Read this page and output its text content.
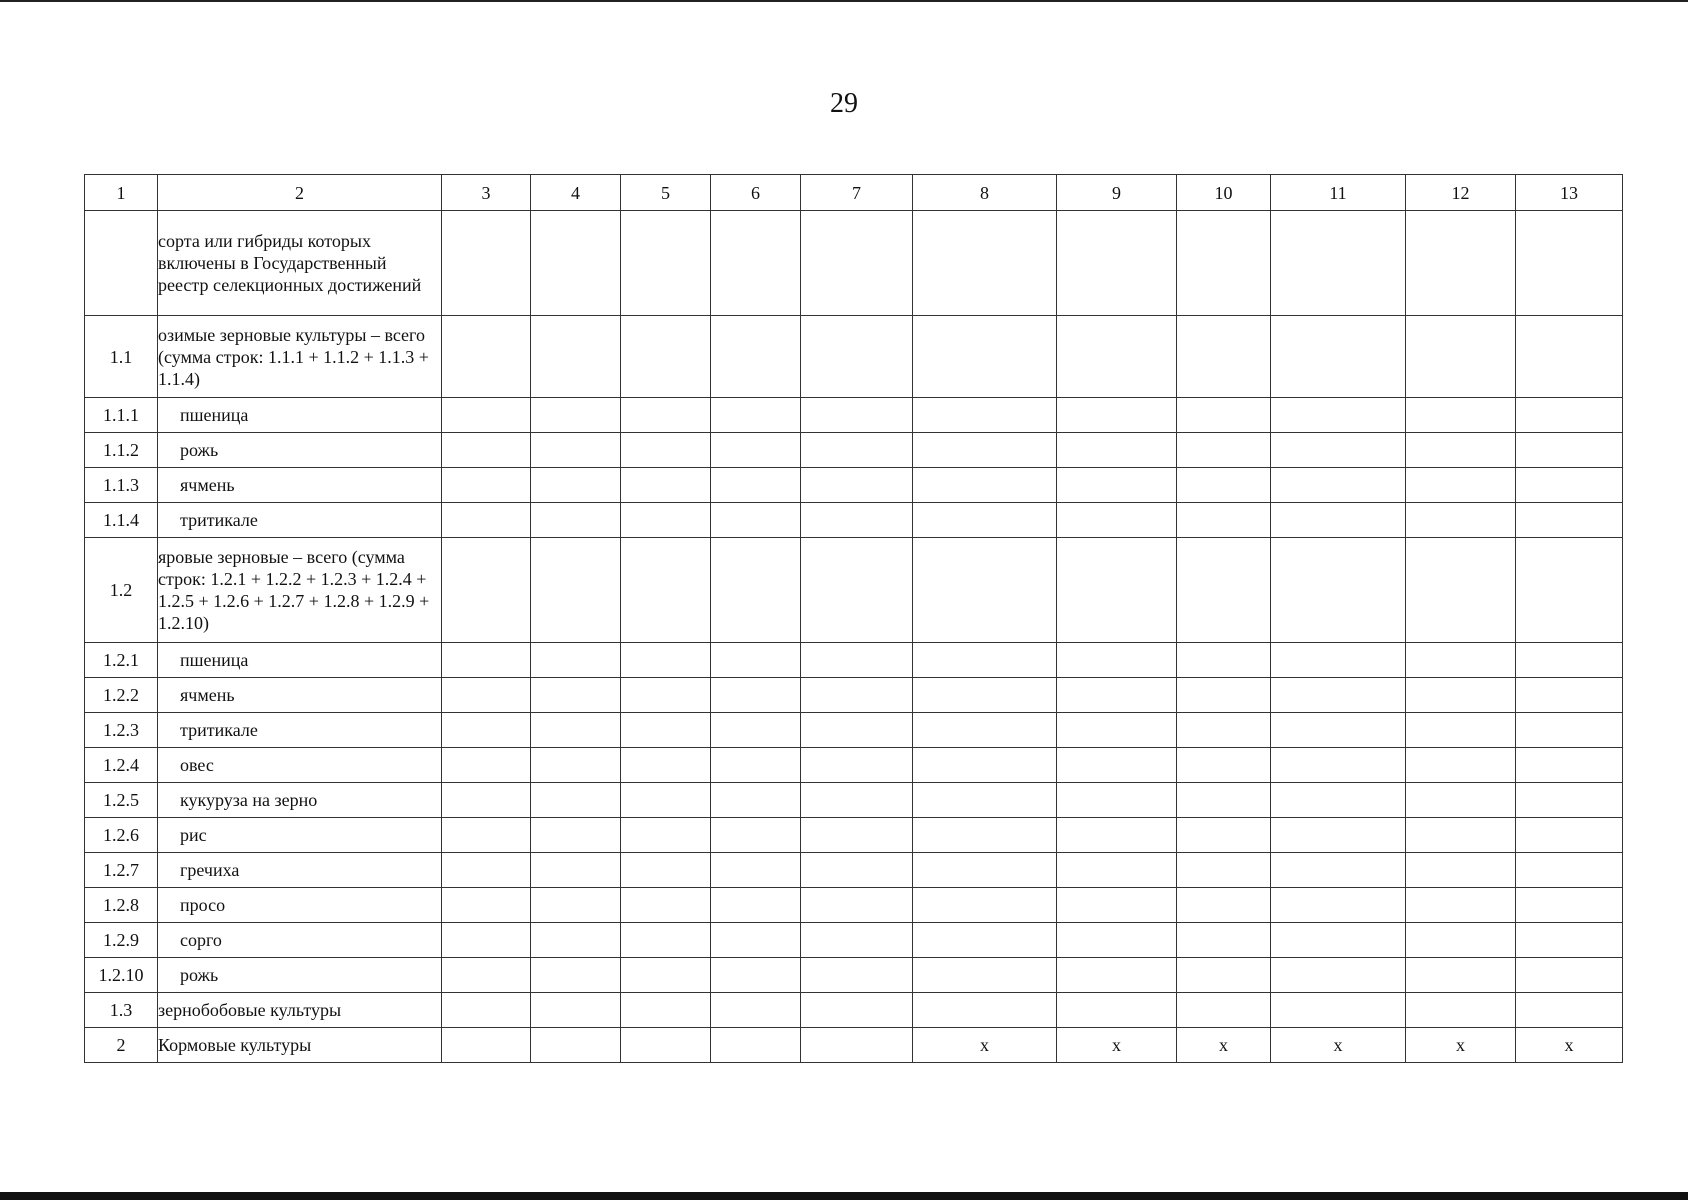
29
1	2	3	4	5	6	7	8	9	10	11	12	13
	сорта или гибриды которых включены в Государственный реестр селекционных достижений											
1.1	озимые зерновые культуры – всего (сумма строк: 1.1.1 + 1.1.2 + 1.1.3 + 1.1.4)											
1.1.1	пшеница											
1.1.2	рожь											
1.1.3	ячмень											
1.1.4	тритикале											
1.2	яровые зерновые – всего (сумма строк: 1.2.1 + 1.2.2 + 1.2.3 + 1.2.4 + 1.2.5 + 1.2.6 + 1.2.7 + 1.2.8 + 1.2.9 + 1.2.10)											
1.2.1	пшеница											
1.2.2	ячмень											
1.2.3	тритикале											
1.2.4	овес											
1.2.5	кукуруза на зерно											
1.2.6	рис											
1.2.7	гречиха											
1.2.8	просо											
1.2.9	сорго											
1.2.10	рожь											
1.3	зернобобовые культуры											
2	Кормовые культуры						x	x	x	x	x	x
